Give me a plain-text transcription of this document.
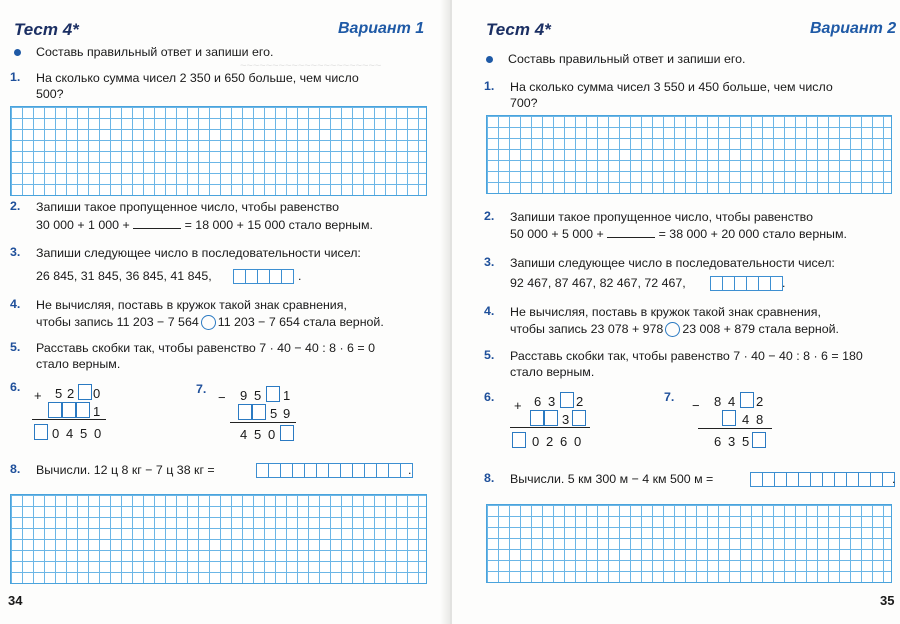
~~~~~~~~~~~~~~~~~~~~~~
Тест 4*	Вариант 1
Составь правильный ответ и запиши его.
1. На сколько сумма чисел 2 350 и 650 больше, чем число
500?
2. Запиши такое пропущенное число, чтобы равенство
30 000 + 1 000 +	= 18 000 + 15 000 стало верным.
3. Запиши следующее число в последовательности чисел:
26 845, 31 845, 36 845, 41 845,	.
4. Не вычисляя, поставь в кружок такой знак сравнения,
чтобы запись 11 203 − 7 564 11 203 − 7 654 стала верной.
5. Расставь скобки так, чтобы равенство 7 · 40 − 40 : 8 · 6 = 0
стало верным.
6.
+ 5 2 0
1
0 4 5 0
7.
− 9 5 1
5 9
4 5 0
8. Вычисли. 12 ц 8 кг − 7 ц 38 кг =	.
34
Тест 4*	Вариант 2
Составь правильный ответ и запиши его.
1. На сколько сумма чисел 3 550 и 450 больше, чем число
700?
2. Запиши такое пропущенное число, чтобы равенство
50 000 + 5 000 +	= 38 000 + 20 000 стало верным.
3. Запиши следующее число в последовательности чисел:
92 467, 87 467, 82 467, 72 467,	.
4. Не вычисляя, поставь в кружок такой знак сравнения,
чтобы запись 23 078 + 978 23 008 + 879 стала верной.
5. Расставь скобки так, чтобы равенство 7 · 40 − 40 : 8 · 6 = 180
стало верным.
6.
+ 6 3 2
3
0 2 6 0
7.
− 8 4 2
4 8
6 3 5
8. Вычисли. 5 км 300 м − 4 км 500 м =	.
35
